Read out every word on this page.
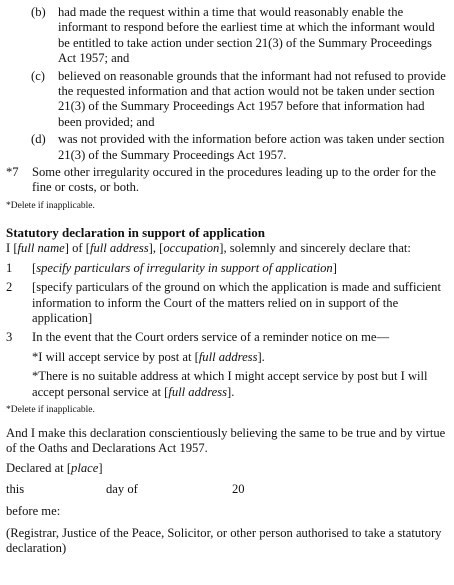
(b) had made the request within a time that would reasonably enable the informant to respond before the earliest time at which the informant would be entitled to take action under section 21(3) of the Summary Proceedings Act 1957; and
(c)	believed on reasonable grounds that the informant had not refused to provide the requested information and that action would not be taken under section 21(3) of the Summary Proceedings Act 1957 before that information had been provided; and
(d) was not provided with the information before action was taken under section 21(3) of the Summary Proceedings Act 1957.
*7	Some other irregularity occured in the procedures leading up to the order for the fine or costs, or both.
*Delete if inapplicable.
Statutory declaration in support of application
I [full name] of [full address], [occupation], solemnly and sincerely declare that:
1	[specify particulars of irregularity in support of application]
2	[specify particulars of the ground on which the application is made and sufficient information to inform the Court of the matters relied on in support of the application]
3	In the event that the Court orders service of a reminder notice on me—
*I will accept service by post at [full address].
*There is no suitable address at which I might accept service by post but I will accept personal service at [full address].
*Delete if inapplicable.
And I make this declaration conscientiously believing the same to be true and by virtue of the Oaths and Declarations Act 1957.
Declared at [place]
this	day of	20
before me:
(Registrar, Justice of the Peace, Solicitor, or other person authorised to take a statutory declaration)
